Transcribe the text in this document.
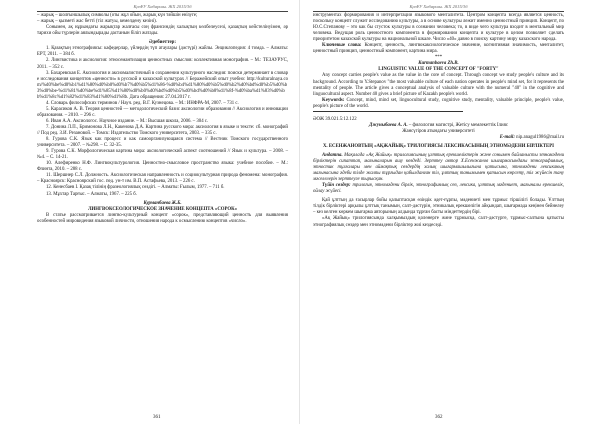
ҚазҰУ Хабаршы. ЖХ 2015/3б

– жарық – шолғыншылық символы (оты жұл ойын, жарық күн тәйшін енізуге;

– жарық – қызметі жас бетті (тіл жатуы, кемелдену кезіні).

Сонымен, ақ нұрындағы жарықтар жалғасы соң франсиндің халықтың көлбелеусезі, қазақтың кейстелінуімен, әр тарихи ойы түрлерін аялындырады дастанын біліп жатады.

Әдебиеттер:

1. Қазақтың этнографиясы: кафедерлар, үйлердің түп атаулары (дәстүрі) жайлы. Энциклопедия: 4 томда. – Алматы: ЕРТ, 2011. – 384 б.

2. Лингвистика и аксиология: этносемантизация ценностных смыслов: коллективная монография. – М.: ТЕЗАУРУС, 2011. – 352 с.

3. Бахаревская Е. Аксиология и аксиомалистичный в сохранении культурного наследия: поиски детерминант в словаре исследования концептов «ценности» в русской и казахской культурах // Беражейский опыт учебно: http://kulturalnaya.com/%d0%be%d0%b1%d1%80%d0%b0%d0%b7%d0%b5%d1%86-%d0%b4%d1%80%d0%b5%d0%b2%d0%bd%d0%b5%d0%b3%d0%be-%d1%81%d0%be%d1%85%d1%80%d0%b0%d0%bd%d0%b5%d0%bd%d0%b8%d1%8f-%d0%ba%d1%83%d0%bb%d1%8c%d1%82%d1%83%d1%80%d1%8b. Дата обращения: 27.04.2017 г.

4. Словарь философских терминов / Науч. ред. В.Г. Кузнецова. – М.: ИНФРА-М, 2007. – 731 с.

5. Карасиков А. В. Теория ценностей — методологический базис аксиологии образования // Аксиология и инновации образования. – 2010. – 296 с.

6. Иван А.А. Аксиологос. Научное издание. – М.: Высшая школа, 2006. – 304 с.

7. Донина Л.П., Бримонова Л.Н., Какенова Д.А. Картина русского мира: аксиология в языке и тексте: сб. монографий // Под ред. З.И. Резановой. – Томск: Издательство Томского университета, 2003. – 335 с.

8. Гурова С.К. Язык как процесс и как самоорганизующаяся система // Вестник Томского государственного университета. – 2007. – №298. – С. 32-35.

9. Гурова С.К. Морфологическая картина мира: аксиологический аспект соотношений // Язык и культура. – 2008. – №4. – С. 14-21.

10. Алефиренко Н.Ф. Лингвокультурология. Ценностно-смысловое пространство языка: учебное пособие. – М.: Флинта, 2010. – 288 с.

11. Шершнер С.Л. Должность. Аксиологическая направленность и социокультурная природа феномена: монография. – Красноярск: Красноярский гос. пед. ун-т им. В.П. Астафьева, 2013. – 226 с.

12. Кенесбаев I. Қазақ тілінің фразеологиялық сөздігі. – Алматы: Ғылым, 1977. – 711 б.

13. Мұхтар Тарғыс. – Алматы, 1967. – 225 б.

Курманбаева Ж.Б.

ЛИНГВОКСЕОЛОГИЧЕСКОЕ ЗНАЧЕНИЕ КОНЦЕПТА «СОРОК»

В статье рассматривается лингво-культурный концепт «сорок», представляющий ценность для выявления особенностей мировидения языковой личности, отношения народа к осмыслению концептов «число».

361
ҚазҰУ Хабаршы. ЖХ 2015/3б

инструментах формирования и интерпретации языкового менталитета. Центром концепта всегда является ценность, поскольку концепт служит исследованию культуры, а в основе культуры лежит именно ценностный принцип. Концепт, по Ю.С.Степанову – это как бы сгусток культуры в сознании человека; то, в виде чего культура входит в ментальный мир человека. Ведущая роль ценностного компонента в формировании концепта и культуре в целом позволяет сделать приоритетом казахской культуры на национальной шкале. Число «40» давно в поиску картину миру казахского народа.

Ключевые слова: Концепт, ценность, лингвокаксиологическое значение, когнитивная значимость, менталитет, ценностный принцип, ценностный компонент, картина мира.

***

Kurmanbaeva Zh.B.

LINGUISTIC VALUE OF THE CONCEPT OF "FORTY"

Any concept carries people's value as the value in the core of concept. Through concept we study people's culture and its background. According to Y.Stepanov "the most valuable culture of each nation operates in people's mind set, for it represents the mentality of people. The article gives a conceptual analysis of valuable culture with the numeral "40" in the cognitive and linguocultural aspect. Number 40 gives a brief picture of Kazakh people's world.

Keywords: Concept, mind, mind set, linguocultural study, cognitive study, mentality, valuable principle, people's value, people's picture of the world.

ӘОЖ 39.021.5:12.122

Джуныбаева А. А. – филология магистрі, Жетісу мемлекеттік Ілияс

Жансүгіров атындағы университеті

E-mail: nip.anagul1986@mail.ru

Х. ЕСЕНЖАНОВТЫҢ «АҚЖАЙЫҚ» ТРИЛОГИЯСЫ ЛЕКСИКАСЫНЫҢ ЭТНОМӘДЕНИ БІРЛІКТЕРІ

Андатпа. Мақалада «Ақ Жайық» трилогиясының ұлттық ерекшеліктерін және сонымен байланысты этномәдени бірліктерін сипаттап, мағыналарын ашу көздеді. Зерттеу автор Х.Есенжанов шығармасындағы этнографиялық, этностик тұлғалары мен аймақтық сөздердің халық шығармашылығына қатысына, этномәдени лексиканың мағынасына әдеби тілде жалпы тұрғыдан қабылданған тіл, ұлттық танымымен қатысын көрсету, тіл жүйесін тану мәселелерін зерттеуге тырысқан.

Түйін сөздер: трилогия, этномәдени бірлік, этнографиялық сөз, лексика, ұлттық мәдениет, мағыналы ерекшелік, ойлау жүйесі.

Қай ұлттың да ғасырлар бойы қалыптасқан өзіндік әдет-ғұрпы, мәдениеті мен тұрмыс тіршілігі болады. Ұлттың тілдік бірліктері арқылы ұлттық танымын, салт-дәстүрін, этникалық ерекшелігін айқындап, шығармада кеңінен бейнелеу – кез келген көркем шығарма авторының алдында тұрған басты міндеттердің бірі.

«Ақ Жайық» трилогиясында халқымыздың қолөнерге және тұрмысқа, салт-дәстүрге, тұрмыс-салтына қатысты этнографиялық сөздер мен этномәдени бірліктер жиі кездеседі.

362
